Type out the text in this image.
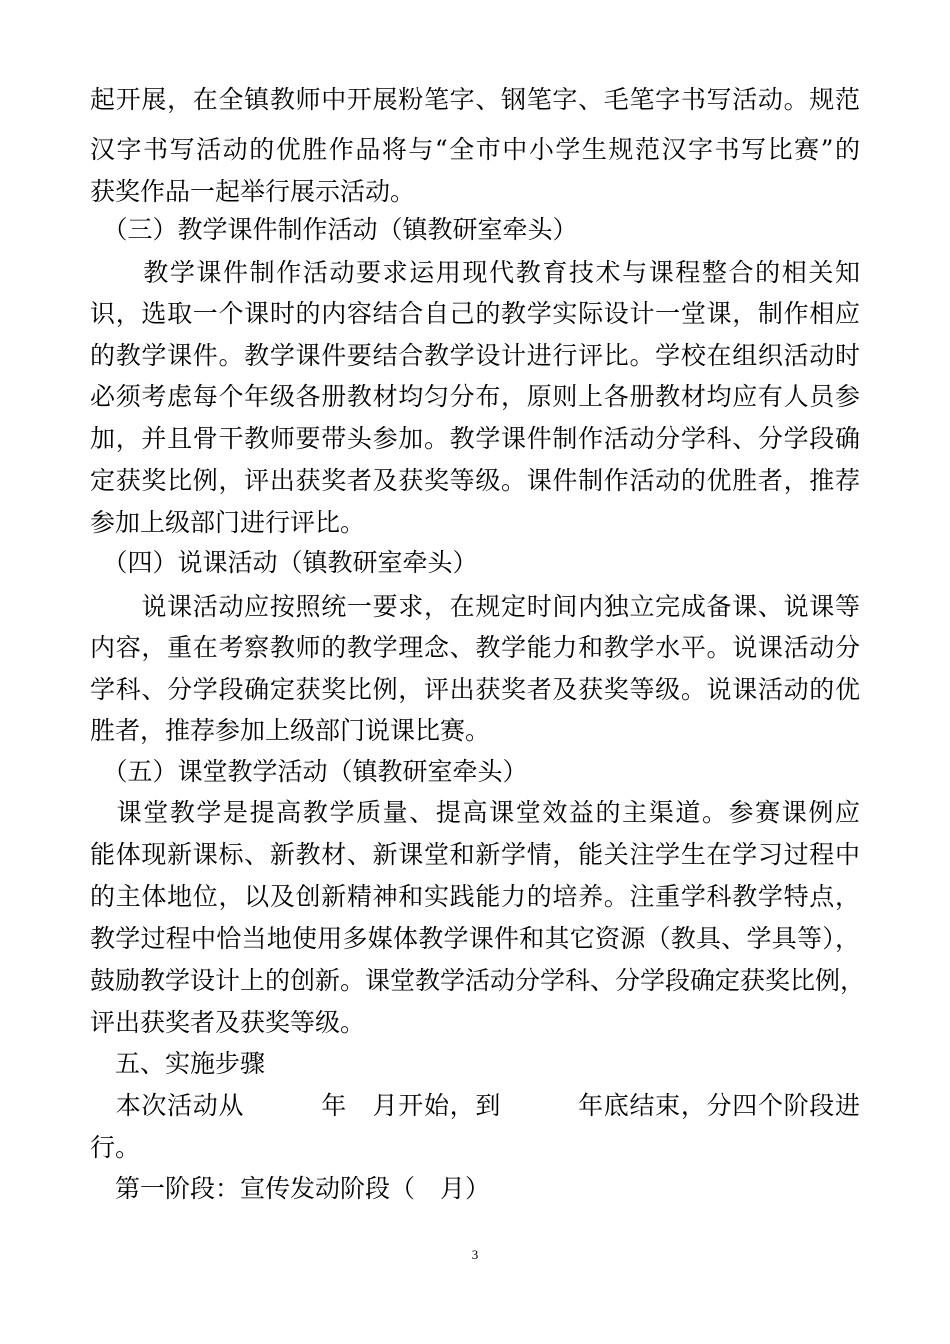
起开展，在全镇教师中开展粉笔字、钢笔字、毛笔字书写活动。规范
汉字书写活动的优胜作品将与“全市中小学生规范汉字书写比赛”的
获奖作品一起举行展示活动。
　（三）教学课件制作活动（镇教研室牵头）
　　教学课件制作活动要求运用现代教育技术与课程整合的相关知
识，选取一个课时的内容结合自己的教学实际设计一堂课，制作相应
的教学课件。教学课件要结合教学设计进行评比。学校在组织活动时
必须考虑每个年级各册教材均匀分布，原则上各册教材均应有人员参
加，并且骨干教师要带头参加。教学课件制作活动分学科、分学段确
定获奖比例，评出获奖者及获奖等级。课件制作活动的优胜者，推荐
参加上级部门进行评比。
　（四）说课活动（镇教研室牵头）
　　说课活动应按照统一要求，在规定时间内独立完成备课、说课等
内容，重在考察教师的教学理念、教学能力和教学水平。说课活动分
学科、分学段确定获奖比例，评出获奖者及获奖等级。说课活动的优
胜者，推荐参加上级部门说课比赛。
　（五）课堂教学活动（镇教研室牵头）
　课堂教学是提高教学质量、提高课堂效益的主渠道。参赛课例应
能体现新课标、新教材、新课堂和新学情，能关注学生在学习过程中
的主体地位，以及创新精神和实践能力的培养。注重学科教学特点，
教学过程中恰当地使用多媒体教学课件和其它资源（教具、学具等），
鼓励教学设计上的创新。课堂教学活动分学科、分学段确定获奖比例，
评出获奖者及获奖等级。
　五、实施步骤
　本次活动从　　　年　月开始，到　　　年底结束，分四个阶段进
行。
　第一阶段：宣传发动阶段（　月）
3
